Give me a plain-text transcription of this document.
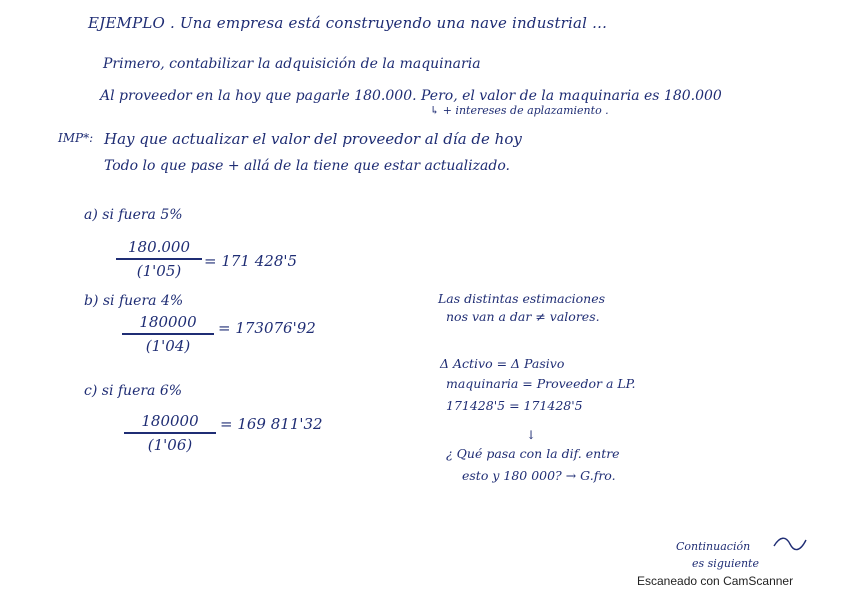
EJEMPLO . Una empresa está construyendo una nave industrial ...
Primero, contabilizar la adquisición de la maquinaria
Al proveedor en la hoy que pagarle 180.000. Pero, el valor de la maquinaria es 180.000
↳ + intereses de aplazamiento .
IMP*: Hay que actualizar el valor del proveedor al día de hoy
Todo lo que pase + allá de la tiene que estar actualizado.
a) si fuera 5%
180.000
(1'05)
= 171 428'5
b) si fuera 4%
180000
(1'04)
= 173076'92
c) si fuera 6%
180000
(1'06)
= 169 811'32
Las distintas estimaciones
nos van a dar ≠ valores.
Δ Activo = Δ Pasivo
maquinaria = Proveedor a LP.
171428'5 = 171428'5
↓
¿ Qué pasa con la dif. entre
esto y 180 000? → G.fro.
Continuación
es siguiente
Escaneado con CamScanner
